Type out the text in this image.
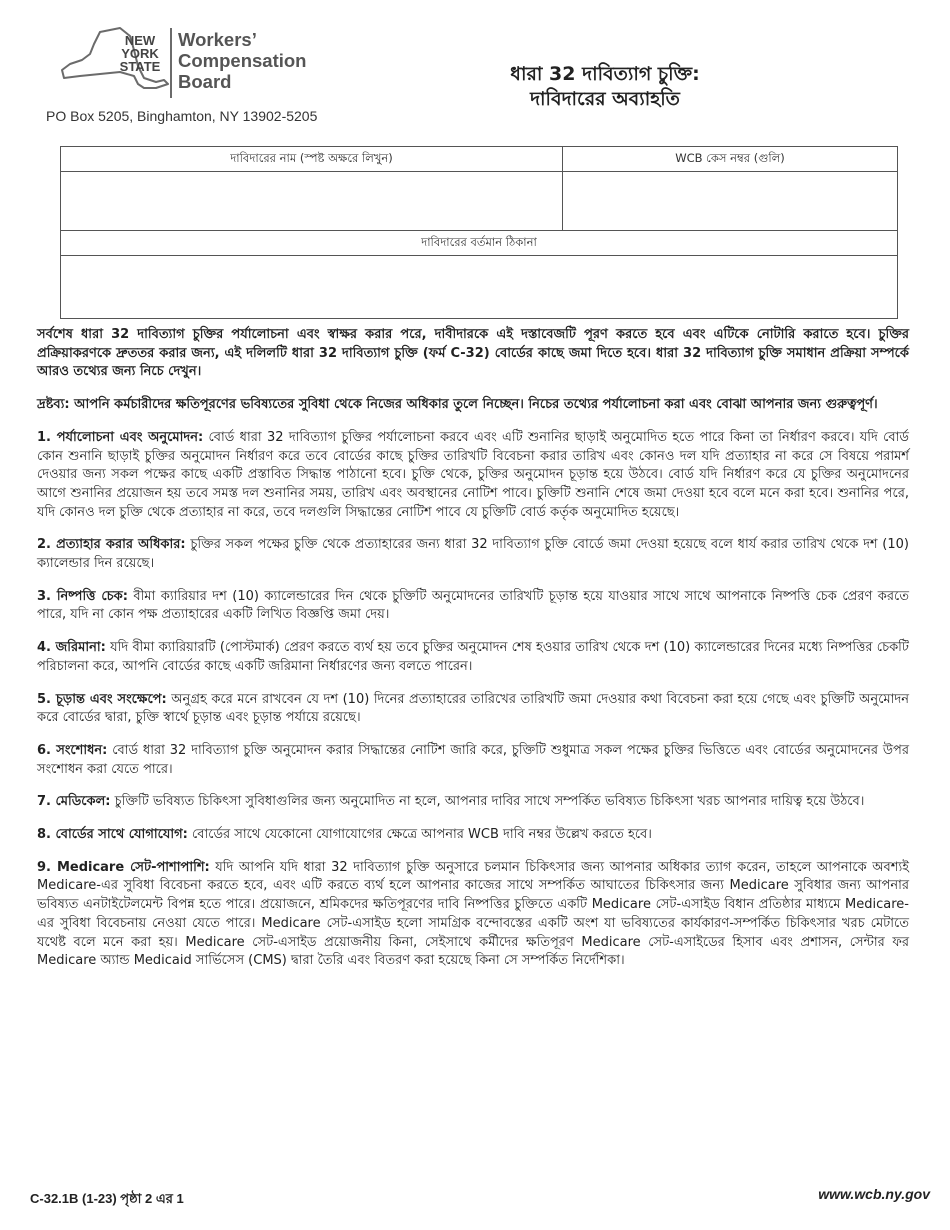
NEW
YORK
STATE
Workers’
Compensation
Board
PO Box 5205, Binghamton, NY 13902-5205
ধারা 32 দাবিত্যাগ চুক্তি:
দাবিদারের অব্যাহতি
দাবিদারের নাম (স্পষ্ট অক্ষরে লিখুন)	WCB কেস নম্বর (গুলি)

দাবিদারের বর্তমান ঠিকানা	

সর্বশেষ ধারা 32 দাবিত্যাগ চুক্তির পর্যালোচনা এবং স্বাক্ষর করার পরে, দাবীদারকে এই দস্তাবেজটি পূরণ করতে হবে এবং এটিকে নোটারি করাতে হবে। চুক্তির প্রক্রিয়াকরণকে দ্রুততর করার জন্য, এই দলিলটি ধারা 32 দাবিত্যাগ চুক্তি (ফর্ম C-32) বোর্ডের কাছে জমা দিতে হবে। ধারা 32 দাবিত্যাগ চুক্তি সমাধান প্রক্রিয়া সম্পর্কে আরও তথ্যের জন্য নিচে দেখুন।

দ্রষ্টব্য: আপনি কর্মচারীদের ক্ষতিপূরণের ভবিষ্যতের সুবিধা থেকে নিজের অধিকার তুলে নিচ্ছেন। নিচের তথ্যের পর্যালোচনা করা এবং বোঝা আপনার জন্য গুরুত্বপূর্ণ।

1. পর্যালোচনা এবং অনুমোদন: বোর্ড ধারা 32 দাবিত্যাগ চুক্তির পর্যালোচনা করবে এবং এটি শুনানির ছাড়াই অনুমোদিত হতে পারে কিনা তা নির্ধারণ করবে। যদি বোর্ড কোন শুনানি ছাড়াই চুক্তির অনুমোদন নির্ধারণ করে তবে বোর্ডের কাছে চুক্তির তারিখটি বিবেচনা করার তারিখ এবং কোনও দল যদি প্রত্যাহার না করে সে বিষয়ে পরামর্শ দেওয়ার জন্য সকল পক্ষের কাছে একটি প্রস্তাবিত সিদ্ধান্ত পাঠানো হবে। চুক্তি থেকে, চুক্তির অনুমোদন চূড়ান্ত হয়ে উঠবে। বোর্ড যদি নির্ধারণ করে যে চুক্তির অনুমোদনের আগে শুনানির প্রয়োজন হয় তবে সমস্ত দল শুনানির সময়, তারিখ এবং অবস্থানের নোটিশ পাবে। চুক্তিটি শুনানি শেষে জমা দেওয়া হবে বলে মনে করা হবে। শুনানির পরে, যদি কোনও দল চুক্তি থেকে প্রত্যাহার না করে, তবে দলগুলি সিদ্ধান্তের নোটিশ পাবে যে চুক্তিটি বোর্ড কর্তৃক অনুমোদিত হয়েছে।

2. প্রত্যাহার করার অধিকার: চুক্তির সকল পক্ষের চুক্তি থেকে প্রত্যাহারের জন্য ধারা 32 দাবিত্যাগ চুক্তি বোর্ডে জমা দেওয়া হয়েছে বলে ধার্য করার তারিখ থেকে দশ (10) ক্যালেন্ডার দিন রয়েছে।

3. নিষ্পত্তি চেক: বীমা ক্যারিয়ার দশ (10) ক্যালেন্ডারের দিন থেকে চুক্তিটি অনুমোদনের তারিখটি চূড়ান্ত হয়ে যাওয়ার সাথে সাথে আপনাকে নিষ্পত্তি চেক প্রেরণ করতে পারে, যদি না কোন পক্ষ প্রত্যাহারের একটি লিখিত বিজ্ঞপ্তি জমা দেয়।

4. জরিমানা: যদি বীমা ক্যারিয়ারটি (পোস্টমার্ক) প্রেরণ করতে ব্যর্থ হয় তবে চুক্তির অনুমোদন শেষ হওয়ার তারিখ থেকে দশ (10) ক্যালেন্ডারের দিনের মধ্যে নিষ্পত্তির চেকটি পরিচালনা করে, আপনি বোর্ডের কাছে একটি জরিমানা নির্ধারণের জন্য বলতে পারেন।

5. চূড়ান্ত এবং সংক্ষেপে: অনুগ্রহ করে মনে রাখবেন যে দশ (10) দিনের প্রত্যাহারের তারিখের তারিখটি জমা দেওয়ার কথা বিবেচনা করা হয়ে গেছে এবং চুক্তিটি অনুমোদন করে বোর্ডের দ্বারা, চুক্তি স্বার্থে চূড়ান্ত এবং চূড়ান্ত পর্যায়ে রয়েছে।

6. সংশোধন: বোর্ড ধারা 32 দাবিত্যাগ চুক্তি অনুমোদন করার সিদ্ধান্তের নোটিশ জারি করে, চুক্তিটি শুধুমাত্র সকল পক্ষের চুক্তির ভিত্তিতে এবং বোর্ডের অনুমোদনের উপর সংশোধন করা যেতে পারে।

7. মেডিকেল: চুক্তিটি ভবিষ্যত চিকিৎসা সুবিধাগুলির জন্য অনুমোদিত না হলে, আপনার দাবির সাথে সম্পর্কিত ভবিষ্যত চিকিৎসা খরচ আপনার দায়িত্ব হয়ে উঠবে।

8. বোর্ডের সাথে যোগাযোগ: বোর্ডের সাথে যেকোনো যোগাযোগের ক্ষেত্রে আপনার WCB দাবি নম্বর উল্লেখ করতে হবে।

9. Medicare সেট-পাশাপাশি: যদি আপনি যদি ধারা 32 দাবিত্যাগ চুক্তি অনুসারে চলমান চিকিৎসার জন্য আপনার অধিকার ত্যাগ করেন, তাহলে আপনাকে অবশ্যই Medicare-এর সুবিধা বিবেচনা করতে হবে, এবং এটি করতে ব্যর্থ হলে আপনার কাজের সাথে সম্পর্কিত আঘাতের চিকিৎসার জন্য Medicare সুবিধার জন্য আপনার ভবিষ্যত এনটাইটেলমেন্ট বিপন্ন হতে পারে। প্রয়োজনে, শ্রমিকদের ক্ষতিপূরণের দাবি নিষ্পত্তির চুক্তিতে একটি Medicare সেট-এসাইড বিধান প্রতিষ্ঠার মাধ্যমে Medicare-এর সুবিধা বিবেচনায় নেওয়া যেতে পারে। Medicare সেট-এসাইড হলো সামগ্রিক বন্দোবস্তের একটি অংশ যা ভবিষ্যতের কার্যকারণ-সম্পর্কিত চিকিৎসার খরচ মেটাতে যথেষ্ট বলে মনে করা হয়। Medicare সেট-এসাইড প্রয়োজনীয় কিনা, সেইসাথে কর্মীদের ক্ষতিপূরণ Medicare সেট-এসাইডের হিসাব এবং প্রশাসন, সেন্টার ফর Medicare অ্যান্ড Medicaid সার্ভিসেস (CMS) দ্বারা তৈরি এবং বিতরণ করা হয়েছে কিনা সে সম্পর্কিত নির্দেশিকা।

C-32.1B (1-23) পৃষ্ঠা 2 এর 1	www.wcb.ny.gov
